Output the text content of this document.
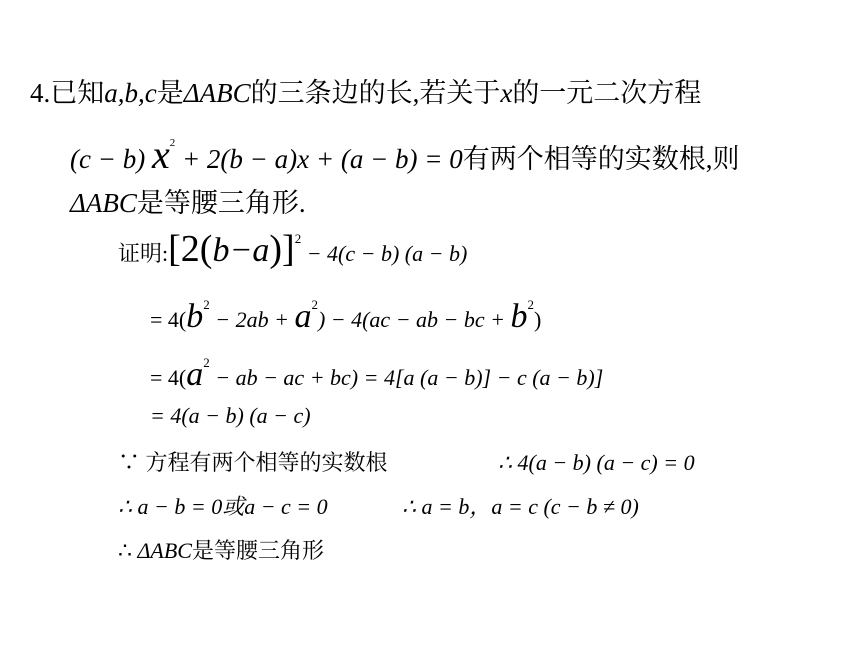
4.已知a,b,c是ΔABC的三条边的长,若关于x的一元二次方程
(c − b) $x^2 + 2(b - a)x + (a - b) = 0$有两个相等的实数根,则
ΔABC是等腰三角形.
证明$:[2(b-a)]^2 - 4(c - b) (a - b)$
= $4(b^2 - 2ab + a^2) - 4(ac$ − ab − bc + $b^2$)
= $4(a^2$ − ab − ac + bc) = 4[a (a − b)] − c (a − b)]
= 4(a − b) (a − c)
∵ 方程有两个相等的实数根	∴ 4(a − b) (a − c) = 0
∴ a − b = 0或a − c = 0	∴ a = b，a = c (c − b ≠ 0)
∴ ΔABC是等腰三角形
